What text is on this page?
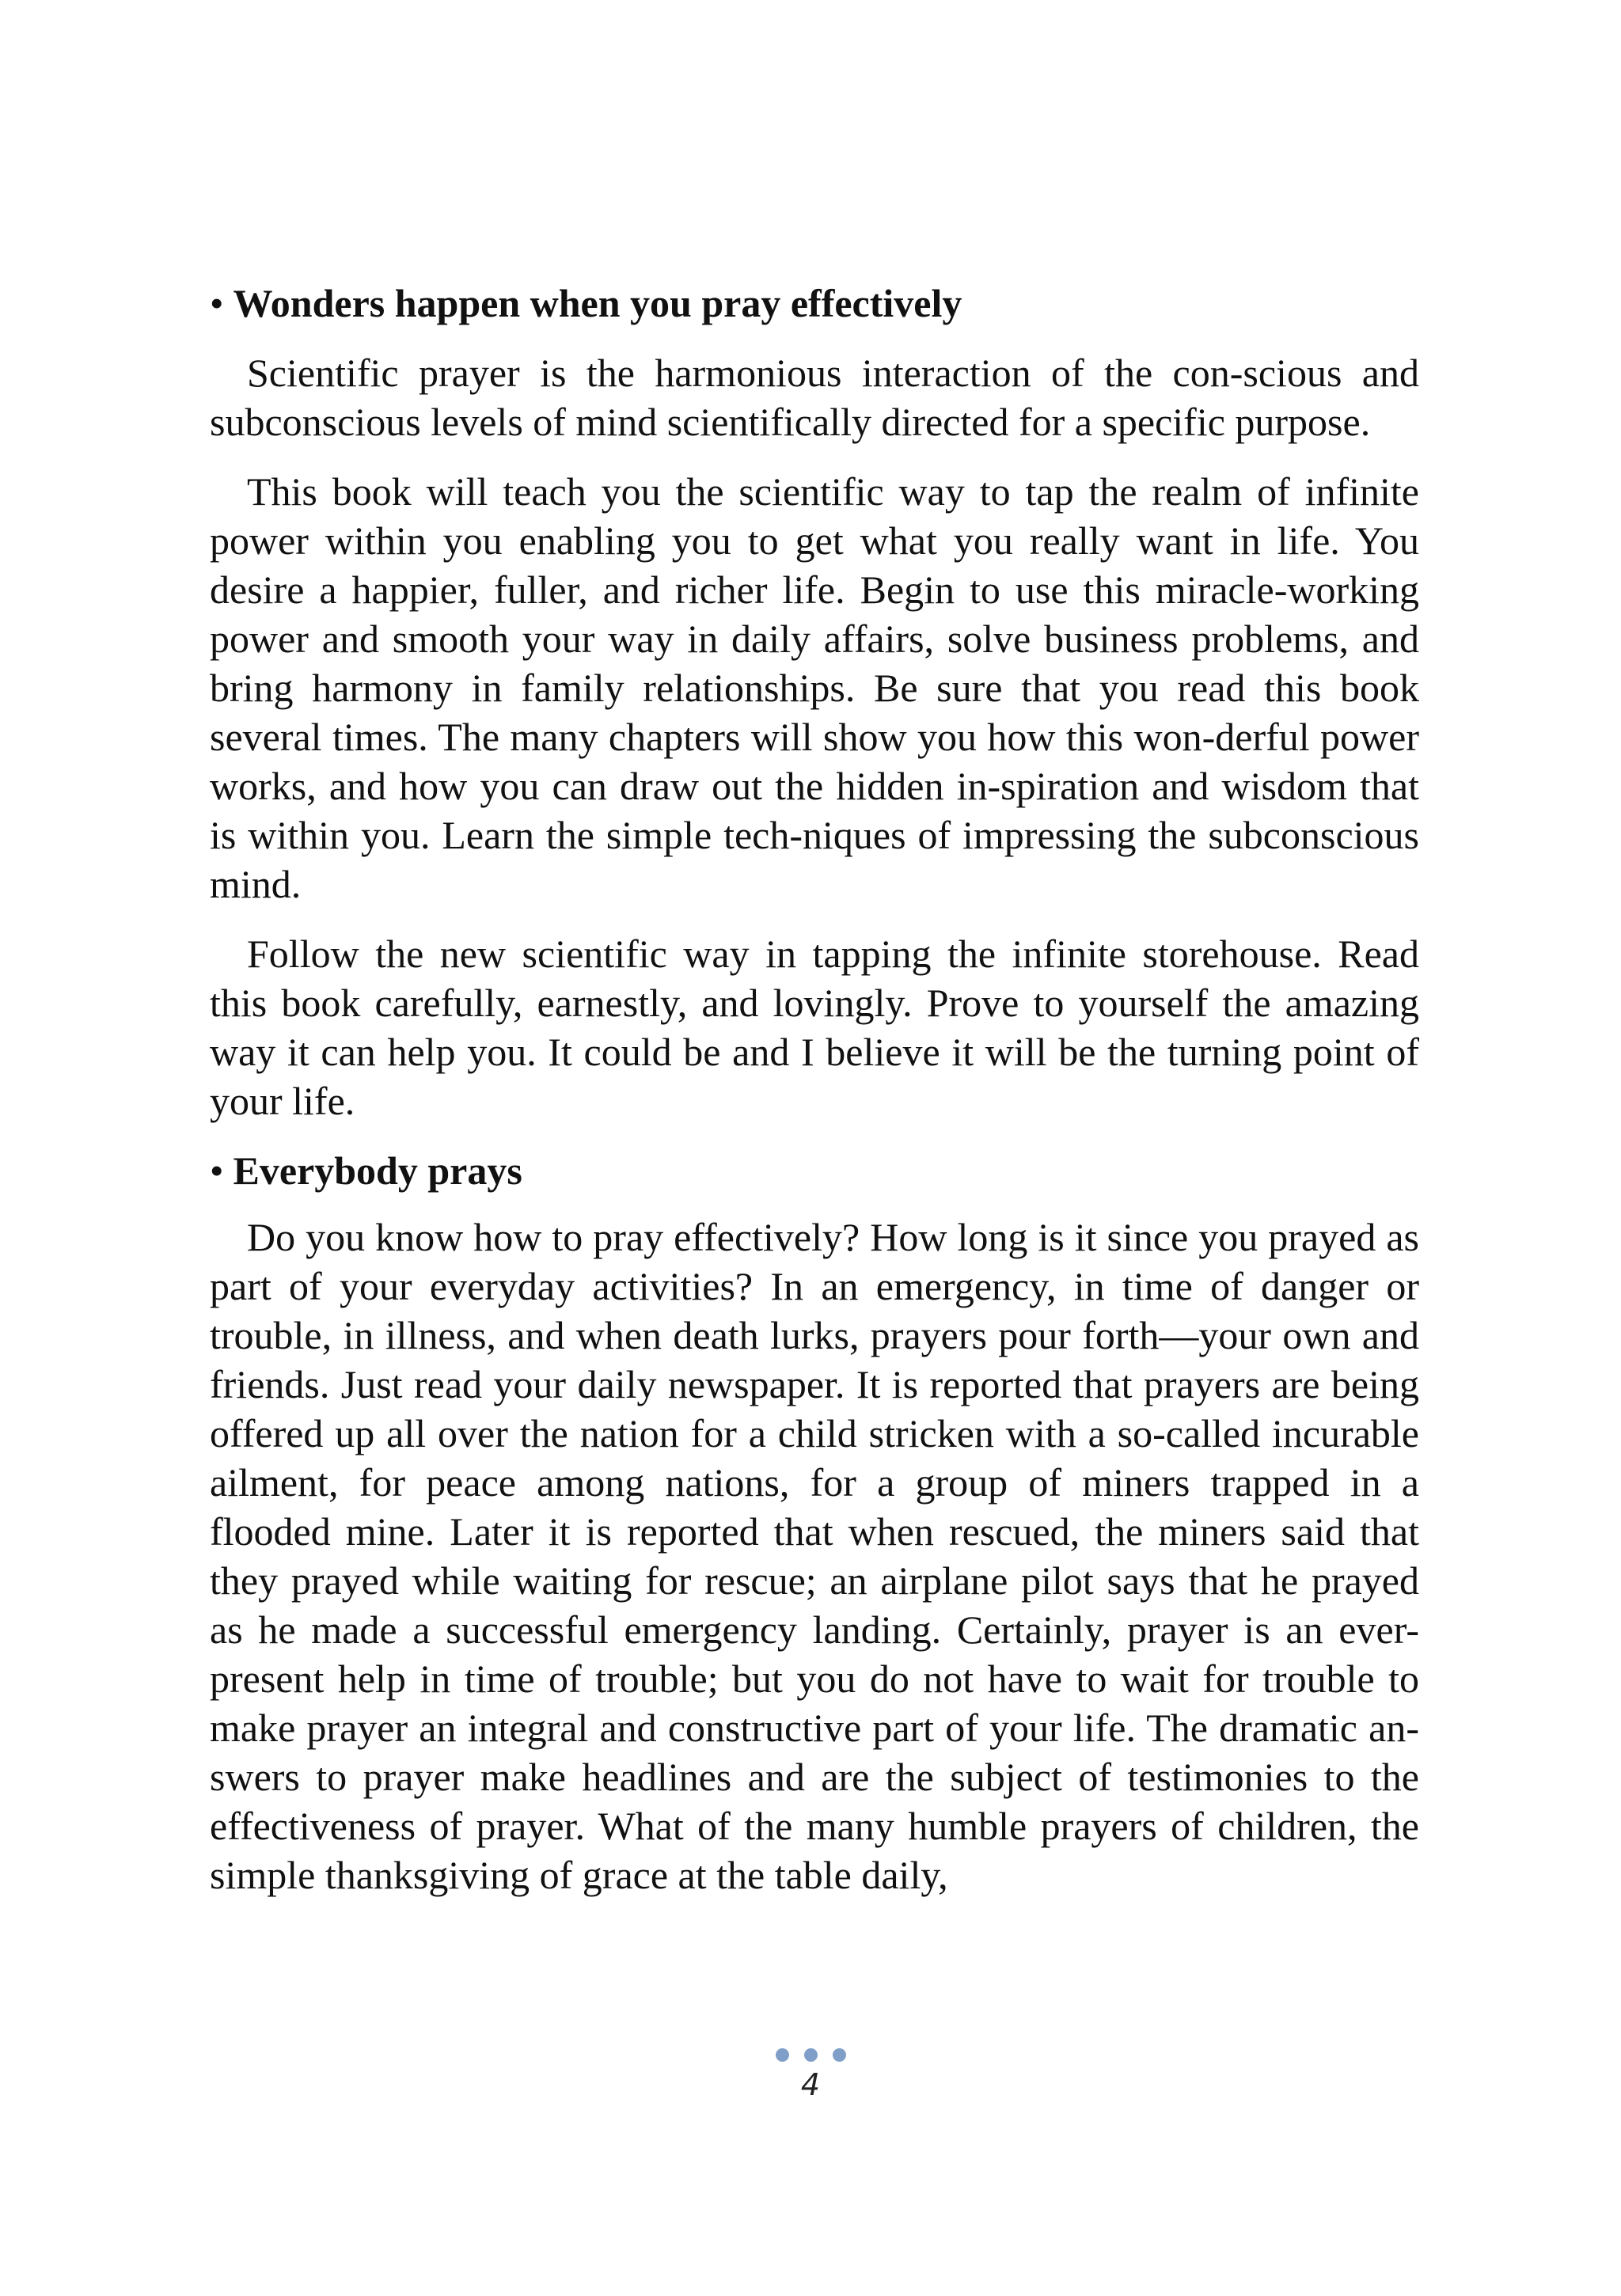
• Wonders happen when you pray effectively

Scientific prayer is the harmonious interaction of the con-scious and subconscious levels of mind scientifically directed for a specific purpose.

This book will teach you the scientific way to tap the realm of infinite power within you enabling you to get what you really want in life. You desire a happier, fuller, and richer life. Begin to use this miracle-working power and smooth your way in daily affairs, solve business problems, and bring harmony in family relationships. Be sure that you read this book several times. The many chapters will show you how this won-derful power works, and how you can draw out the hidden in-spiration and wisdom that is within you. Learn the simple tech-niques of impressing the subconscious mind.

Follow the new scientific way in tapping the infinite storehouse. Read this book carefully, earnestly, and lovingly. Prove to yourself the amazing way it can help you. It could be and I believe it will be the turning point of your life.

• Everybody prays

Do you know how to pray effectively? How long is it since you prayed as part of your everyday activities? In an emergency, in time of danger or trouble, in illness, and when death lurks, prayers pour forth—your own and friends. Just read your daily newspaper. It is reported that prayers are being offered up all over the nation for a child stricken with a so-called incurable ailment, for peace among nations, for a group of miners trapped in a flooded mine. Later it is reported that when rescued, the miners said that they prayed while waiting for rescue; an airplane pilot says that he prayed as he made a successful emergency landing. Certainly, prayer is an ever-present help in time of trouble; but you do not have to wait for trouble to make prayer an integral and constructive part of your life. The dramatic an-swers to prayer make headlines and are the subject of testimonies to the effectiveness of prayer. What of the many humble prayers of children, the simple thanksgiving of grace at the table daily,

4
